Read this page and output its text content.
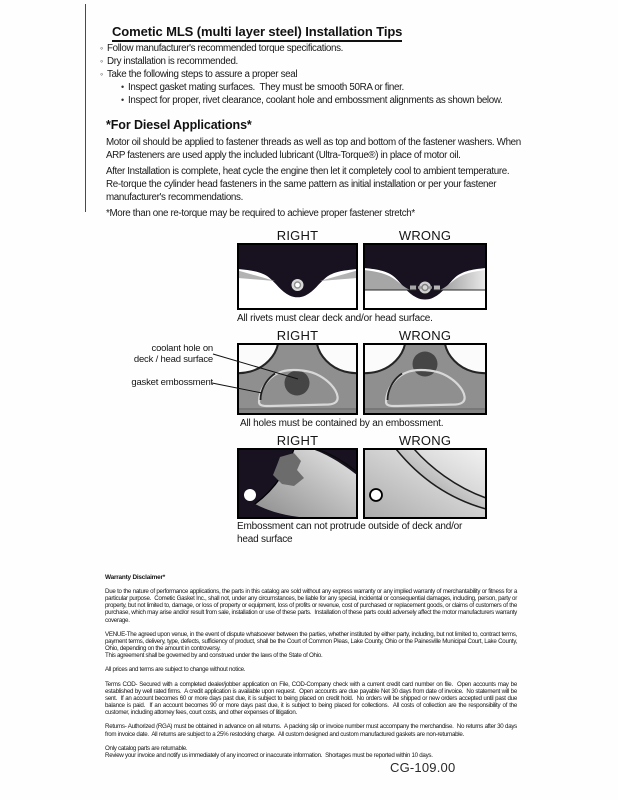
Cometic MLS (multi layer steel) Installation Tips
◦ Follow manufacturer's recommended torque specifications.
◦ Dry installation is recommended.
◦ Take the following steps to assure a proper seal
• Inspect gasket mating surfaces.  They must be smooth 50RA or finer.
• Inspect for proper, rivet clearance, coolant hole and embossment alignments as shown below.
*For Diesel Applications*

Motor oil should be applied to fastener threads as well as top and bottom of the fastener washers. When ARP fasteners are used apply the included lubricant (Ultra-Torque®) in place of motor oil.

After Installation is complete, heat cycle the engine then let it completely cool to ambient temperature. Re-torque the cylinder head fasteners in the same pattern as initial installation or per your fastener manufacturer's recommendations.

*More than one re-torque may be required to achieve proper fastener stretch*

RIGHT	WRONG
All rivets must clear deck and/or head surface.
RIGHT	WRONG
All holes must be contained by an embossment.
RIGHT	WRONG
Embossment can not protrude outside of deck and/or head surface
coolant hole on
deck / head surface
gasket embossment
Warranty Disclaimer*

Due to the nature of performance applications, the parts in this catalog are sold without any express warranty or any implied warranty of merchantability or fitness for a particular purpose.  Cometic Gasket Inc., shall not, under any circumstances, be liable for any special, incidental or consequential damages, including, person, party or property, but not limited to, damage, or loss of property or equipment, loss of profits or revenue, cost of purchased or replacement goods, or claims of customers of the purchase, which may arise and/or result from sale, installation or use of these parts.  Installation of these parts could adversely affect the motor manufacturers warranty coverage.

VENUE-The agreed upon venue, in the event of dispute whatsoever between the parties, whether instituted by either party, including, but not limited to, contract terms, payment terms, delivery, type, defects, sufficiency of product, shall be the Court of Common Pleas, Lake County, Ohio or the Painesville Municipal Court, Lake County, Ohio, depending on the amount in controversy.

This agreement shall be governed by and construed under the laws of the State of Ohio.

All prices and terms are subject to change without notice.

Terms COD- Secured with a completed dealer/jobber application on File, COD-Company check with a current credit card number on file.  Open accounts may be established by well rated firms.  A credit application is available upon request.  Open accounts are due payable Net 30 days from date of invoice.  No statement will be sent.  If an account becomes 60 or more days past due, it is subject to being placed on credit hold.  No orders will be shipped or new orders accepted until past due balance is paid.  If an account becomes 90 or more days past due, it is subject to being placed for collections.  All costs of collection are the responsibility of the customer, including attorney fees, court costs, and other expenses of litigation.

Returns- Authorized (RGA) must be obtained in advance on all returns.  A packing slip or invoice number must accompany the merchandise.  No returns after 30 days from invoice date.  All returns are subject to a 25% restocking charge.  All custom designed and custom manufactured gaskets are non-returnable.

Only catalog parts are returnable.

Review your invoice and notify us immediately of any incorrect or inaccurate information.  Shortages must be reported within 10 days.

CG-109.00
